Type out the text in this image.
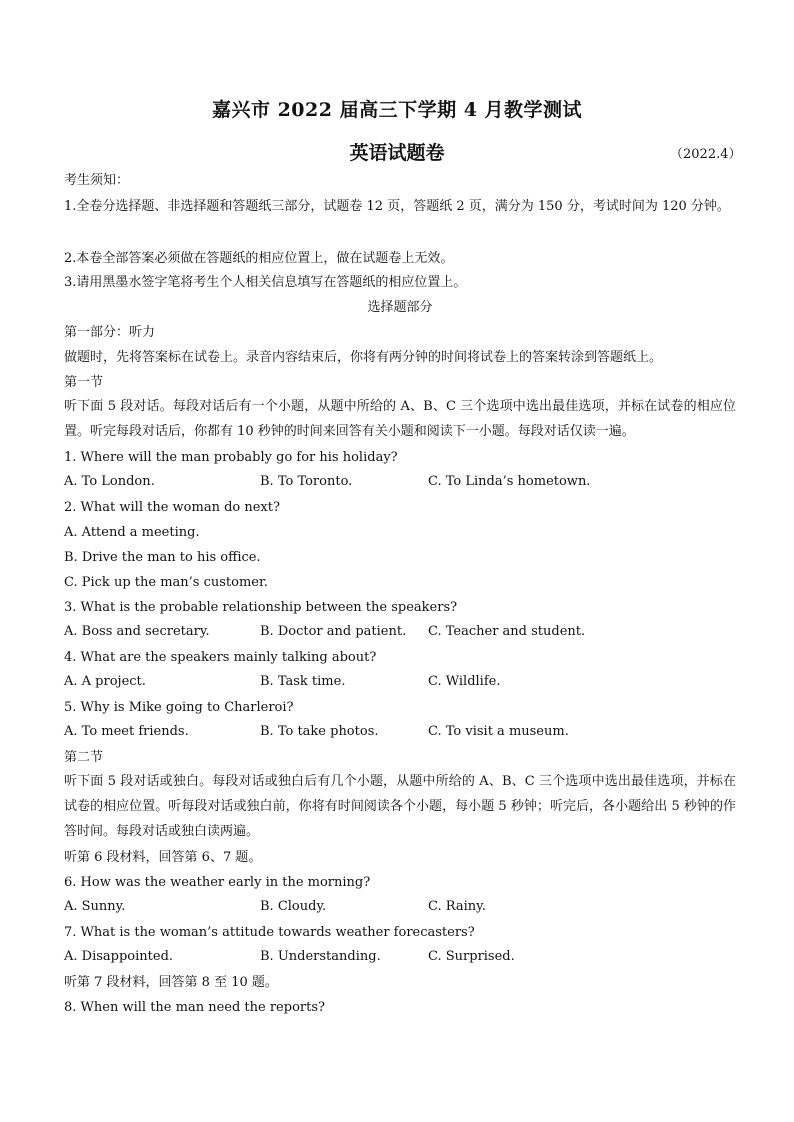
嘉兴市 2022 届高三下学期 4 月教学测试
英语试题卷	（2022.4）
考生须知：
1.全卷分选择题、非选择题和答题纸三部分，试题卷 12 页，答题纸 2 页，满分为 150 分，考试时间为 120 分钟。
2.本卷全部答案必须做在答题纸的相应位置上，做在试题卷上无效。
3.请用黑墨水签字笔将考生个人相关信息填写在答题纸的相应位置上。
选择题部分
第一部分：听力
做题时，先将答案标在试卷上。录音内容结束后，你将有两分钟的时间将试卷上的答案转涂到答题纸上。
第一节
听下面 5 段对话。每段对话后有一个小题，从题中所给的 A、B、C 三个选项中选出最佳选项，并标在试卷的相应位置。听完每段对话后，你都有 10 秒钟的时间来回答有关小题和阅读下一小题。每段对话仅读一遍。
1. Where will the man probably go for his holiday?
A. To London.	B. To Toronto.	C. To Linda’s hometown.
2. What will the woman do next?
A. Attend a meeting.
B. Drive the man to his office.
C. Pick up the man’s customer.
3. What is the probable relationship between the speakers?
A. Boss and secretary.	B. Doctor and patient. C. Teacher and student.
4. What are the speakers mainly talking about?
A. A project.	B. Task time.	C. Wildlife.
5. Why is Mike going to Charleroi?
A. To meet friends.	B. To take photos.	C. To visit a museum.
第二节
听下面 5 段对话或独白。每段对话或独白后有几个小题，从题中所给的 A、B、C 三个选项中选出最佳选项，并标在试卷的相应位置。听每段对话或独白前，你将有时间阅读各个小题，每小题 5 秒钟；听完后，各小题给出 5 秒钟的作答时间。每段对话或独白读两遍。
听第 6 段材料，回答第 6、7 题。
6. How was the weather early in the morning?
A. Sunny.	B. Cloudy.	C. Rainy.
7. What is the woman’s attitude towards weather forecasters?
A. Disappointed.	B. Understanding.	C. Surprised.
听第 7 段材料，回答第 8 至 10 题。
8. When will the man need the reports?
